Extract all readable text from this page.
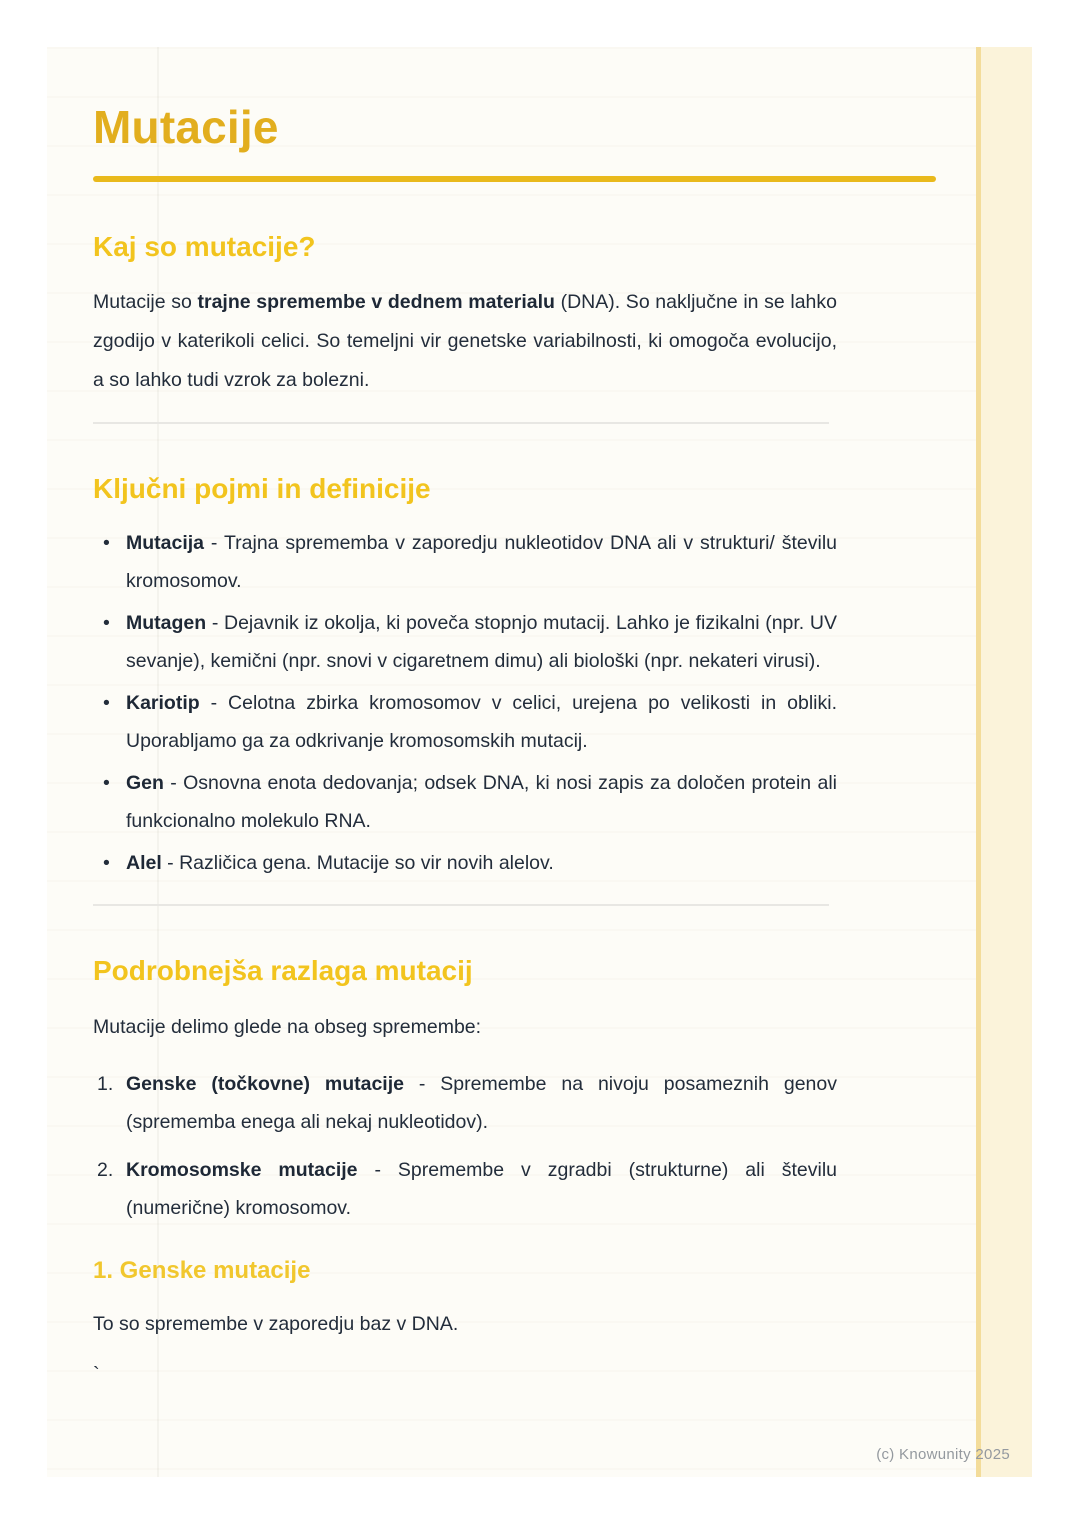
Mutacije
Kaj so mutacije?

Mutacije so trajne spremembe v dednem materialu (DNA). So naključne in se lahko zgodijo v katerikoli celici. So temeljni vir genetske variabilnosti, ki omogoča evolucijo, a so lahko tudi vzrok za bolezni.

Ključni pojmi in definicije
• Mutacija - Trajna sprememba v zaporedju nukleotidov DNA ali v strukturi/ številu kromosomov.
• Mutagen - Dejavnik iz okolja, ki poveča stopnjo mutacij. Lahko je fizikalni (npr. UV sevanje), kemični (npr. snovi v cigaretnem dimu) ali biološki (npr. nekateri virusi).
• Kariotip - Celotna zbirka kromosomov v celici, urejena po velikosti in obliki. Uporabljamo ga za odkrivanje kromosomskih mutacij.
• Gen - Osnovna enota dedovanja; odsek DNA, ki nosi zapis za določen protein ali funkcionalno molekulo RNA.
• Alel - Različica gena. Mutacije so vir novih alelov.
Podrobnejša razlaga mutacij

Mutacije delimo glede na obseg spremembe:

1. Genske (točkovne) mutacije - Spremembe na nivoju posameznih genov (sprememba enega ali nekaj nukleotidov).
2. Kromosomske mutacije - Spremembe v zgradbi (strukturne) ali številu (numerične) kromosomov.
1. Genske mutacije

To so spremembe v zaporedju baz v DNA.

`

(c) Knowunity 2025
